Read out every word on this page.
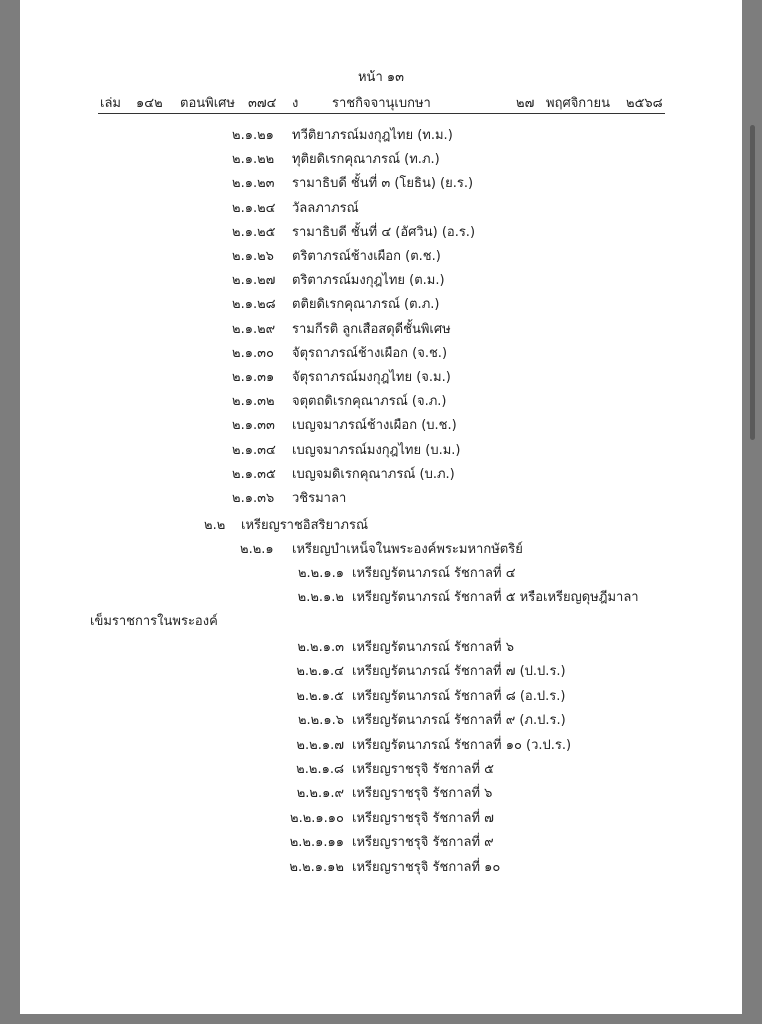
หน้า ๑๓
เล่ม ๑๔๒ ตอนพิเศษ ๓๗๔ ง	ราชกิจจานุเบกษา	๒๗ พฤศจิกายน ๒๕๖๘
๒.๑.๒๑ ทวีติยาภรณ์มงกุฎไทย (ท.ม.)
๒.๑.๒๒ ทุติยดิเรกคุณาภรณ์ (ท.ภ.)
๒.๑.๒๓ รามาธิบดี ชั้นที่ ๓ (โยธิน) (ย.ร.)
๒.๑.๒๔ วัลลภาภรณ์
๒.๑.๒๕ รามาธิบดี ชั้นที่ ๔ (อัศวิน) (อ.ร.)
๒.๑.๒๖ ตริตาภรณ์ช้างเผือก (ต.ช.)
๒.๑.๒๗ ตริตาภรณ์มงกุฎไทย (ต.ม.)
๒.๑.๒๘ ตติยดิเรกคุณาภรณ์ (ต.ภ.)
๒.๑.๒๙ รามกีรติ ลูกเสือสดุดีชั้นพิเศษ
๒.๑.๓๐ จัตุรถาภรณ์ช้างเผือก (จ.ช.)
๒.๑.๓๑ จัตุรถาภรณ์มงกุฎไทย (จ.ม.)
๒.๑.๓๒ จตุตถดิเรกคุณาภรณ์ (จ.ภ.)
๒.๑.๓๓ เบญจมาภรณ์ช้างเผือก (บ.ช.)
๒.๑.๓๔ เบญจมาภรณ์มงกุฎไทย (บ.ม.)
๒.๑.๓๕ เบญจมดิเรกคุณาภรณ์ (บ.ภ.)
๒.๑.๓๖ วชิรมาลา
๒.๒ เหรียญราชอิสริยาภรณ์
๒.๒.๑ เหรียญบำเหน็จในพระองค์พระมหากษัตริย์
๒.๒.๑.๑ เหรียญรัตนาภรณ์ รัชกาลที่ ๔
๒.๒.๑.๒ เหรียญรัตนาภรณ์ รัชกาลที่ ๕ หรือเหรียญดุษฎีมาลา
เข็มราชการในพระองค์
๒.๒.๑.๓ เหรียญรัตนาภรณ์ รัชกาลที่ ๖
๒.๒.๑.๔ เหรียญรัตนาภรณ์ รัชกาลที่ ๗ (ป.ป.ร.)
๒.๒.๑.๕ เหรียญรัตนาภรณ์ รัชกาลที่ ๘ (อ.ป.ร.)
๒.๒.๑.๖ เหรียญรัตนาภรณ์ รัชกาลที่ ๙ (ภ.ป.ร.)
๒.๒.๑.๗ เหรียญรัตนาภรณ์ รัชกาลที่ ๑๐ (ว.ป.ร.)
๒.๒.๑.๘ เหรียญราชรุจิ รัชกาลที่ ๕
๒.๒.๑.๙ เหรียญราชรุจิ รัชกาลที่ ๖
๒.๒.๑.๑๐ เหรียญราชรุจิ รัชกาลที่ ๗
๒.๒.๑.๑๑ เหรียญราชรุจิ รัชกาลที่ ๙
๒.๒.๑.๑๒ เหรียญราชรุจิ รัชกาลที่ ๑๐
